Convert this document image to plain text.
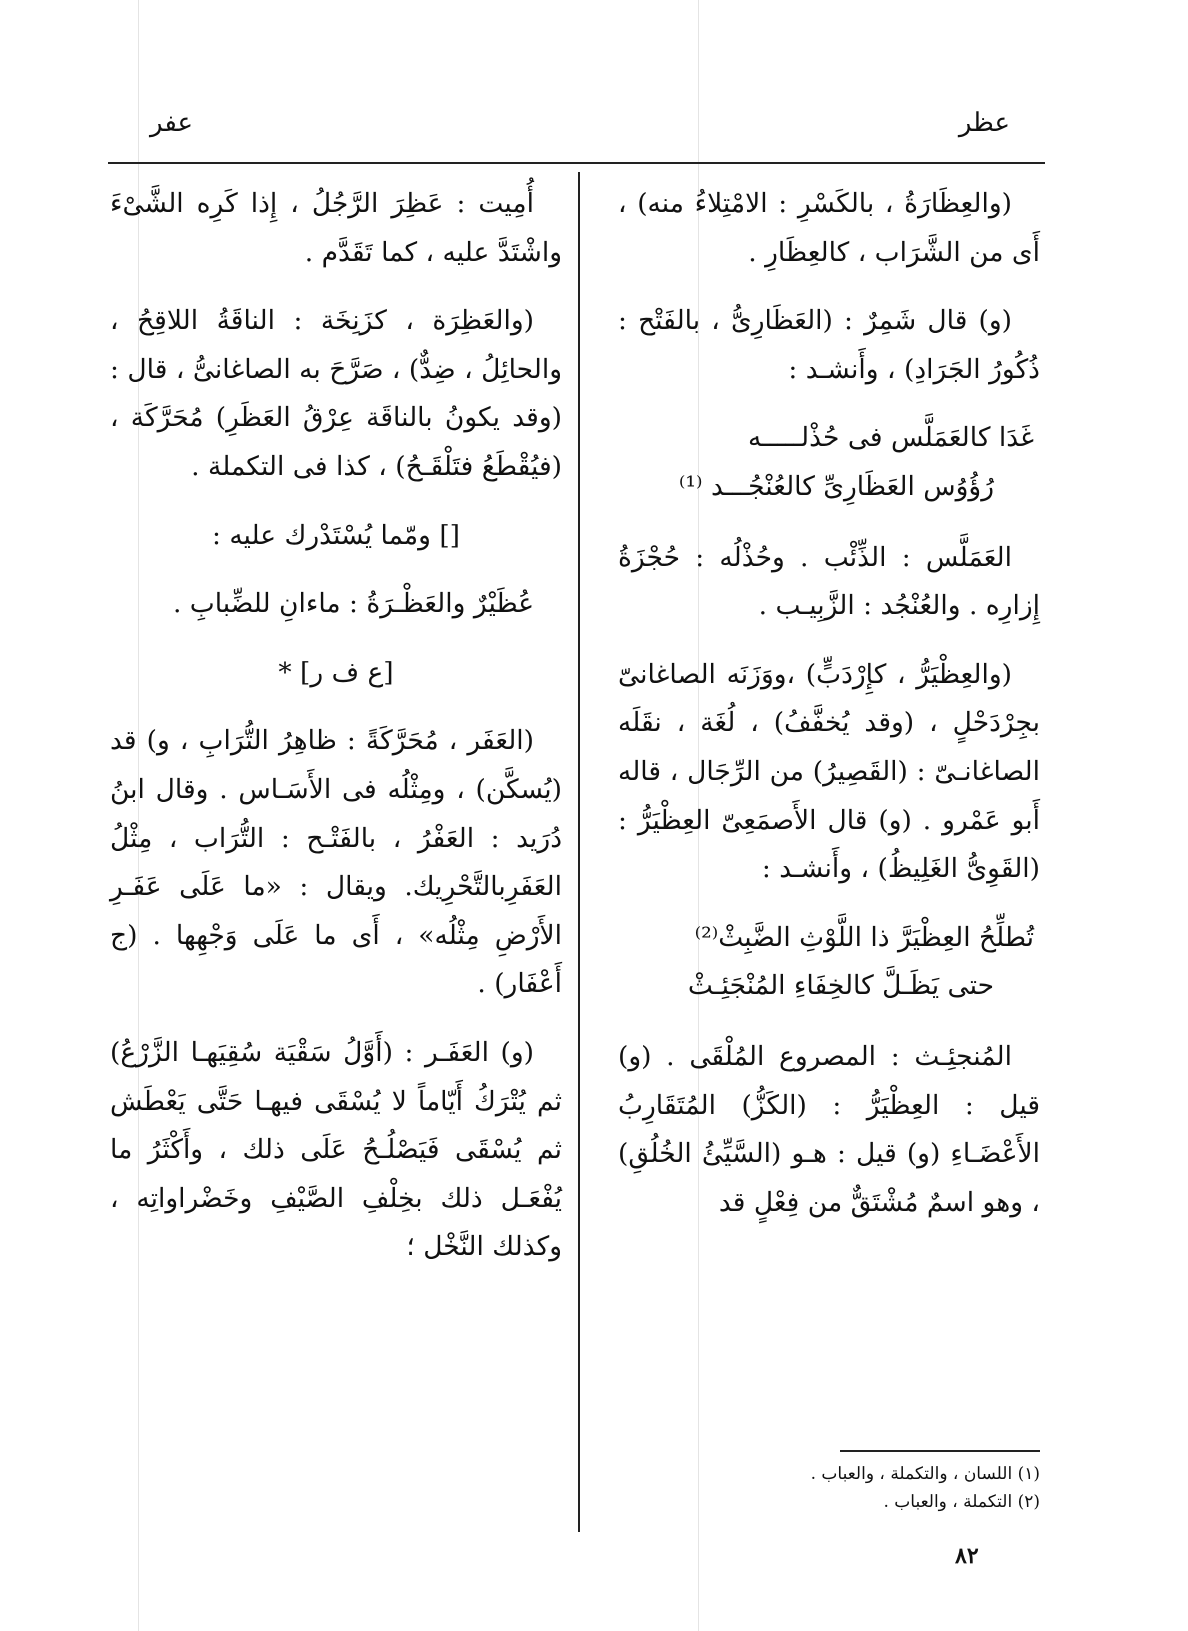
عفر	عظر

(والعِظَارَةُ ، بالكَسْرِ : الامْتِلاءُ منه) ، أَى من الشَّرَاب ، كالعِظَارِ .

(و) قال شَمِرٌ : (العَظَارِىُّ ، بالفَتْح : ذُكُورُ الجَرَادِ) ، وأَنشـد :

غَدَا كالعَمَلَّس فى حُذْلـــــه

رُؤُوُس العَظَارِىِّ كالعُنْجُـــد ⁽¹⁾

العَمَلَّس : الذِّئْب . وحُذْلُه : حُجْزَةُ إِزارِه . والعُنْجُد : الزَّبِيـب .

(والعِظْيَرُّ ، كإِرْدَبٍّ) ،ووَزَنَه الصاغانىّ بجِرْدَحْلٍ ، (وقد يُخفَّفُ) ، لُغَة ، نقَلَه الصاغانـىّ : (القَصِيرُ) من الرِّجَال ، قاله أَبو عَمْرو . (و) قال الأَصمَعِىّ العِظْيَرُّ : (القَوِىُّ الغَلِيظُ) ، وأَنشـد :

تُطلِّحُ العِظْيَرَّ ذا اللَّوْثِ الضَّبِثْ⁽²⁾

حتى يَظَـلَّ كالخِفَاءِ المُنْجَئِـثْ

المُنجئِـث : المصروع المُلْقَى . (و) قيل : العِظْيَرُّ : (الكَزُّ) المُتَقَارِبُ الأَعْضَـاءِ (و) قيل : هـو (السَّيِّئُ الخُلُقِ) ، وهو اسمٌ مُشْتَقٌّ من فِعْلٍ قد

أُمِيت : عَظِرَ الرَّجُلُ ، إِذا كَرِه الشَّىْءَ واشْتَدَّ عليه ، كما تَقَدَّم .

(والعَظِرَة ، كزَنِخَة : الناقَةُ اللاقِحُ ، والحائِلُ ، ضِدٌّ) ، صَرَّحَ به الصاغانىُّ ، قال : (وقد يكونُ بالناقَة عِرْقُ العَظَرِ) مُحَرَّكَة ، (فيُقْطَعُ فتَلْقَـحُ) ، كذا فى التكملة .

[] ومّما يُسْتَدْرك عليه :

عُظَيْرٌ والعَظْـرَةُ : ماءانِ للضِّبابِ .

[ع ف ر] *

(العَفَر ، مُحَرَّكَةً : ظاهِرُ التُّرَابِ ، و) قد (يُسكَّن) ، ومِثْلُه فى الأَسَـاس . وقال ابنُ دُرَيد : العَفْرُ ، بالفَتْـح : التُّرَاب ، مِثْلُ العَفَرِبالتَّحْرِيك. ويقال : «ما عَلَى عَفَـرِ الأَرْضِ مِثْلُه» ، أَى ما عَلَى وَجْهِها . (ج أَعْفَار) .

(و) العَفَـر : (أَوَّلُ سَقْيَة سُقِيَهـا الزَّرْعُ) ثم يُتْرَكُ أَيّاماً لا يُسْقَى فيهـا حَتَّى يَعْطَش ثم يُسْقَى فَيَصْلُـحُ عَلَى ذلك ، وأَكْثَرُ ما يُفْعَـل ذلك بخِلْفِ الصَّيْفِ وخَضْراواتِه ، وكذلك النَّخْل ؛

(١) اللسان ، والتكملة ، والعباب .

(٢) التكملة ، والعباب .

٨٢
